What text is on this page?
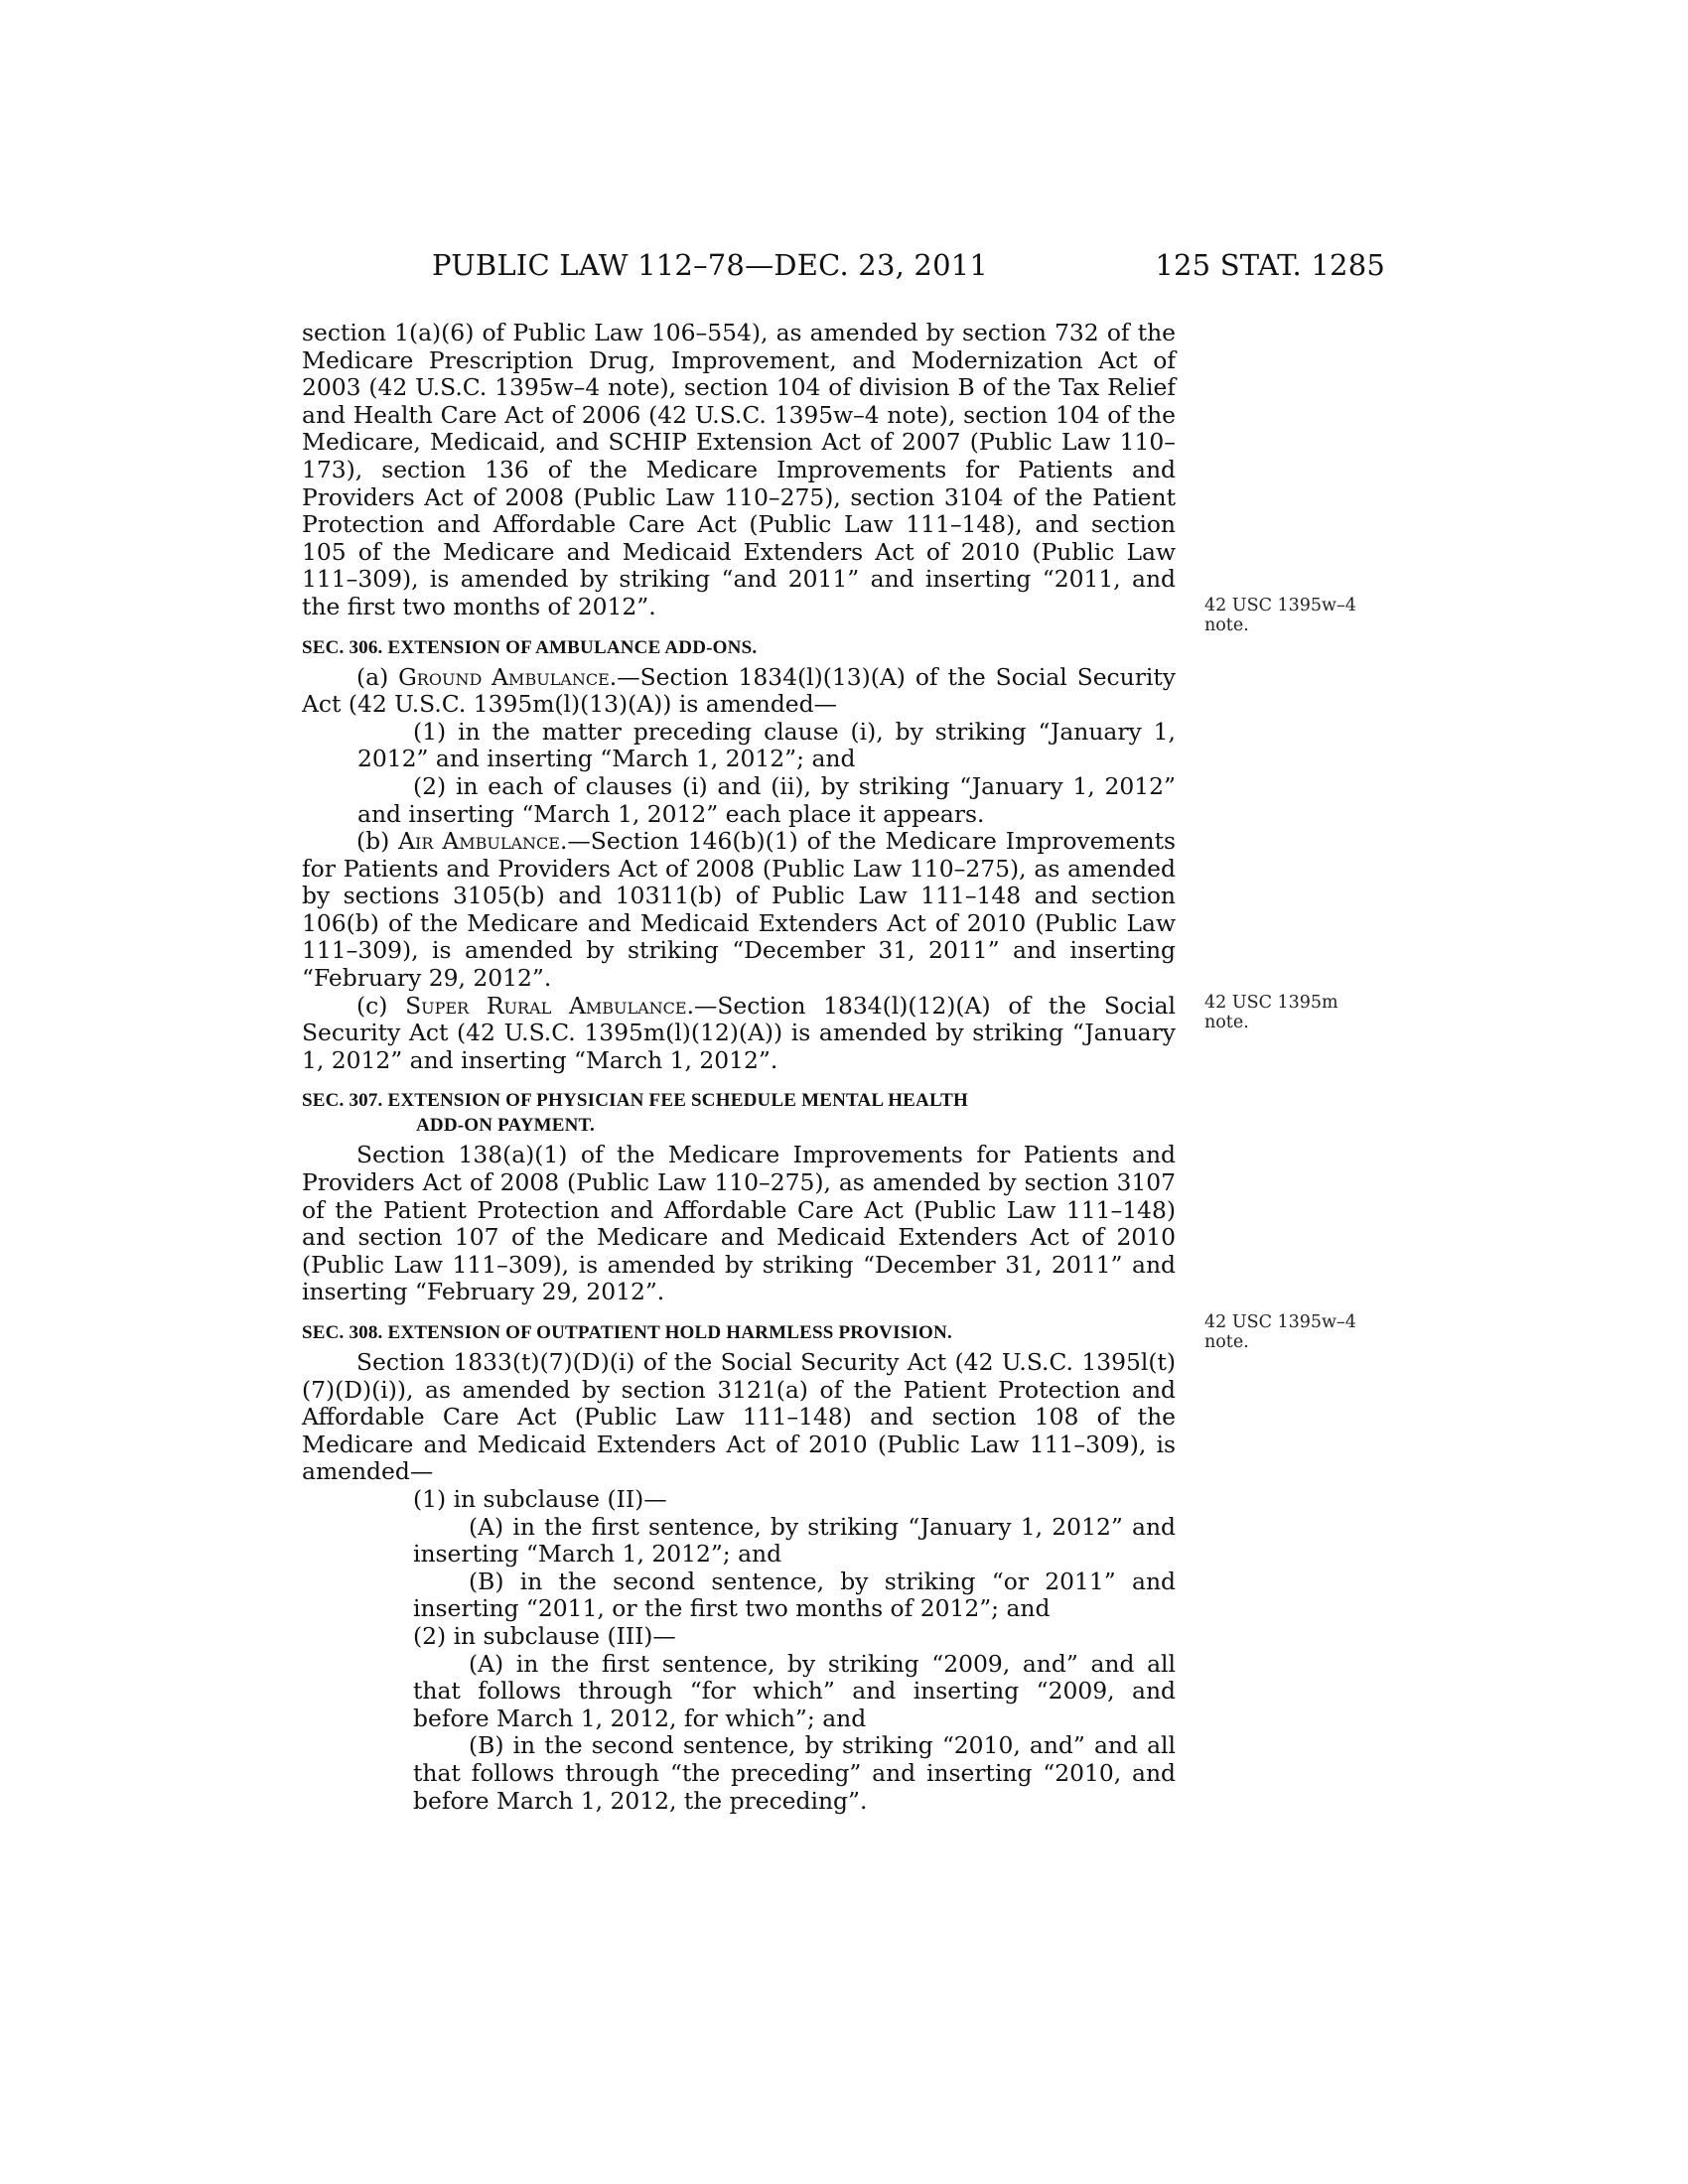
PUBLIC LAW 112–78—DEC. 23, 2011	125 STAT. 1285

section 1(a)(6) of Public Law 106–554), as amended by section 732 of the Medicare Prescription Drug, Improvement, and Modernization Act of 2003 (42 U.S.C. 1395w–4 note), section 104 of division B of the Tax Relief and Health Care Act of 2006 (42 U.S.C. 1395w–4 note), section 104 of the Medicare, Medicaid, and SCHIP Extension Act of 2007 (Public Law 110–173), section 136 of the Medicare Improvements for Patients and Providers Act of 2008 (Public Law 110–275), section 3104 of the Patient Protection and Affordable Care Act (Public Law 111–148), and section 105 of the Medicare and Medicaid Extenders Act of 2010 (Public Law 111–309), is amended by striking “and 2011” and inserting “2011, and the first two months of 2012”.

SEC. 306. EXTENSION OF AMBULANCE ADD-ONS.

(a) Ground Ambulance.—Section 1834(l)(13)(A) of the Social Security Act (42 U.S.C. 1395m(l)(13)(A)) is amended—

(1) in the matter preceding clause (i), by striking “January 1, 2012” and inserting “March 1, 2012”; and

(2) in each of clauses (i) and (ii), by striking “January 1, 2012” and inserting “March 1, 2012” each place it appears.

(b) Air Ambulance.—Section 146(b)(1) of the Medicare Improvements for Patients and Providers Act of 2008 (Public Law 110–275), as amended by sections 3105(b) and 10311(b) of Public Law 111–148 and section 106(b) of the Medicare and Medicaid Extenders Act of 2010 (Public Law 111–309), is amended by striking “December 31, 2011” and inserting “February 29, 2012”.

(c) Super Rural Ambulance.—Section 1834(l)(12)(A) of the Social Security Act (42 U.S.C. 1395m(l)(12)(A)) is amended by striking “January 1, 2012” and inserting “March 1, 2012”.

SEC. 307. EXTENSION OF PHYSICIAN FEE SCHEDULE MENTAL HEALTH
ADD-ON PAYMENT.

Section 138(a)(1) of the Medicare Improvements for Patients and Providers Act of 2008 (Public Law 110–275), as amended by section 3107 of the Patient Protection and Affordable Care Act (Public Law 111–148) and section 107 of the Medicare and Medicaid Extenders Act of 2010 (Public Law 111–309), is amended by striking “December 31, 2011” and inserting “February 29, 2012”.

SEC. 308. EXTENSION OF OUTPATIENT HOLD HARMLESS PROVISION.

Section 1833(t)(7)(D)(i) of the Social Security Act (42 U.S.C. 1395l(t)(7)(D)(i)), as amended by section 3121(a) of the Patient Protection and Affordable Care Act (Public Law 111–148) and section 108 of the Medicare and Medicaid Extenders Act of 2010 (Public Law 111–309), is amended—

(1) in subclause (II)—

(A) in the first sentence, by striking “January 1, 2012” and inserting “March 1, 2012”; and

(B) in the second sentence, by striking “or 2011” and inserting “2011, or the first two months of 2012”; and

(2) in subclause (III)—

(A) in the first sentence, by striking “2009, and” and all that follows through “for which” and inserting “2009, and before March 1, 2012, for which”; and

(B) in the second sentence, by striking “2010, and” and all that follows through “the preceding” and inserting “2010, and before March 1, 2012, the preceding”.

42 USC 1395w–4
note.
42 USC 1395m
note.
42 USC 1395w–4
note.
